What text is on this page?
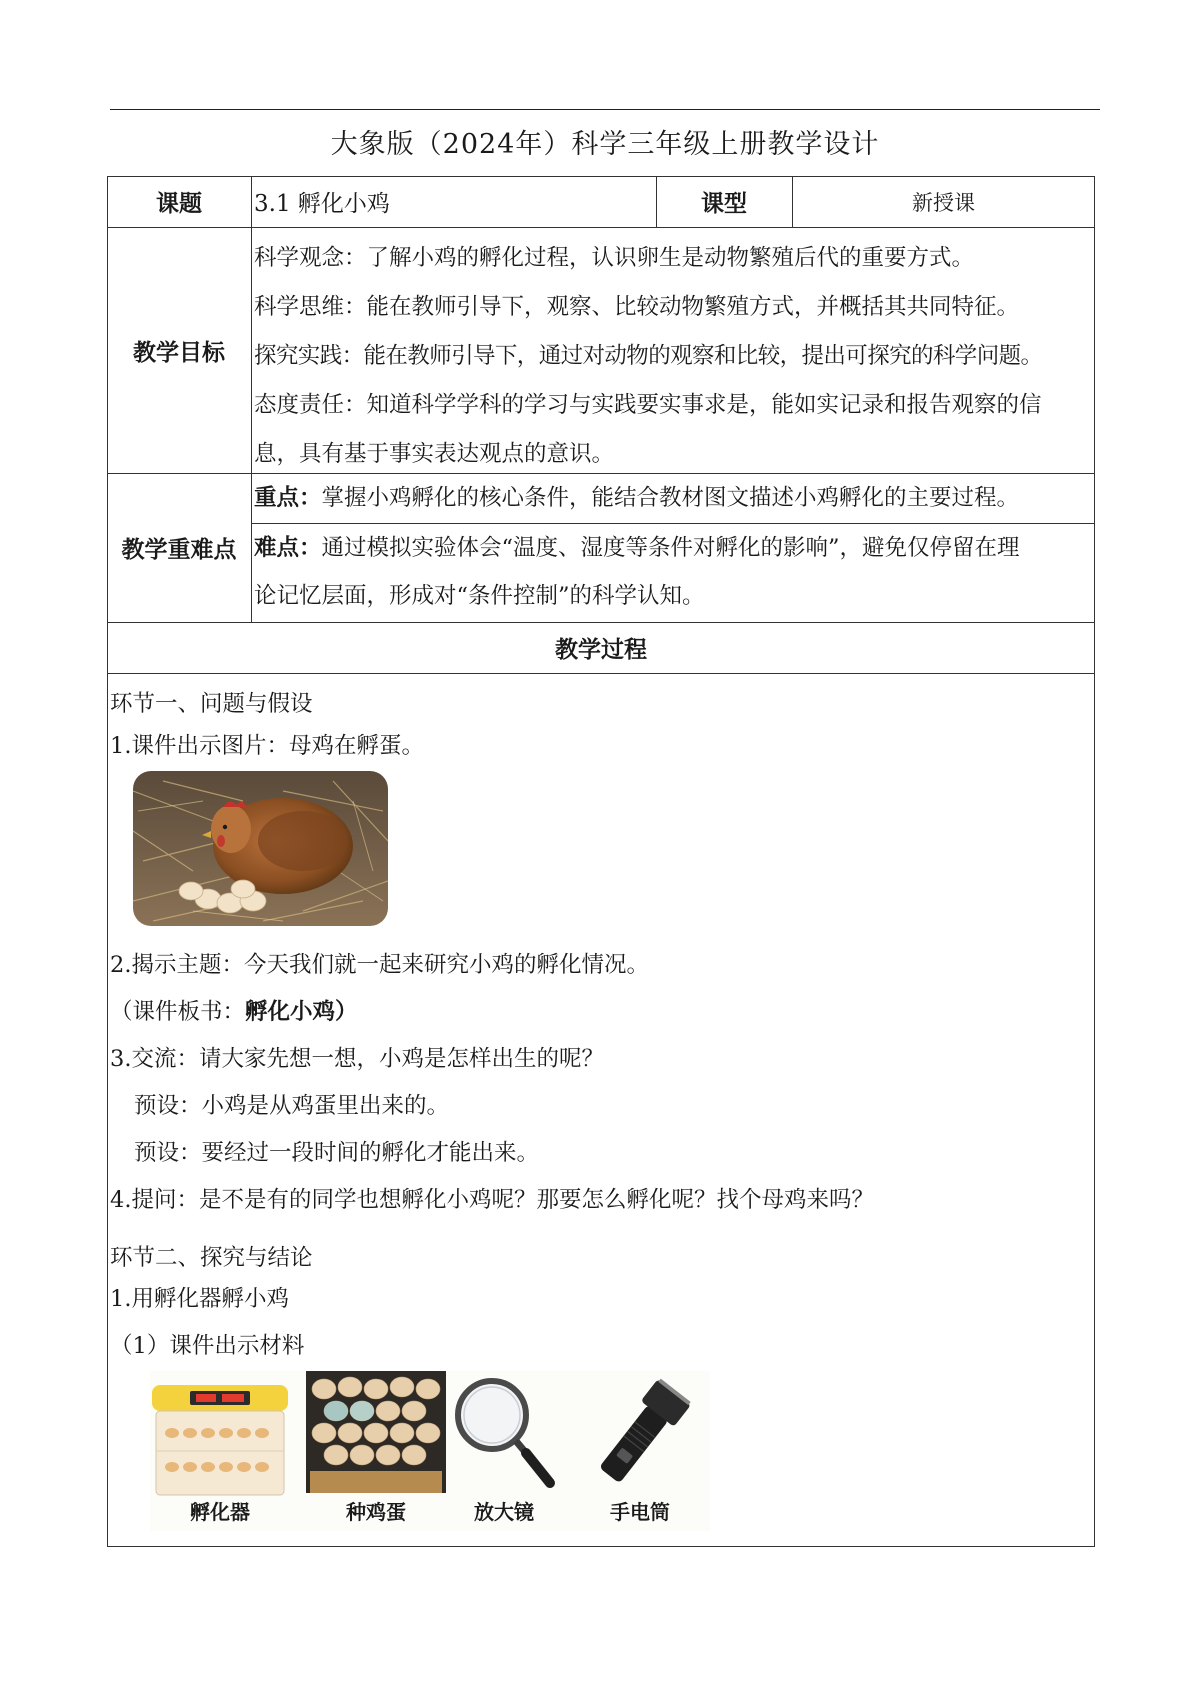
大象版（2024年）科学三年级上册教学设计
课题	3.1 孵化小鸡	课型	新授课
教学目标
科学观念：了解小鸡的孵化过程，认识卵生是动物繁殖后代的重要方式。
科学思维：能在教师引导下，观察、比较动物繁殖方式，并概括其共同特征。
探究实践：能在教师引导下，通过对动物的观察和比较，提出可探究的科学问题。
态度责任：知道科学学科的学习与实践要实事求是，能如实记录和报告观察的信
息，具有基于事实表达观点的意识。
教学重难点
重点：掌握小鸡孵化的核心条件，能结合教材图文描述小鸡孵化的主要过程。
难点：通过模拟实验体会“温度、湿度等条件对孵化的影响”，避免仅停留在理
论记忆层面，形成对“条件控制”的科学认知。
教学过程
环节一、问题与假设
1.课件出示图片：母鸡在孵蛋。
2.揭示主题：今天我们就一起来研究小鸡的孵化情况。
（课件板书：孵化小鸡）
3.交流：请大家先想一想，小鸡是怎样出生的呢？
预设：小鸡是从鸡蛋里出来的。
预设：要经过一段时间的孵化才能出来。
4.提问：是不是有的同学也想孵化小鸡呢？那要怎么孵化呢？找个母鸡来吗？
环节二、探究与结论
1.用孵化器孵小鸡
（1）课件出示材料
孵化器	种鸡蛋	放大镜	手电筒
